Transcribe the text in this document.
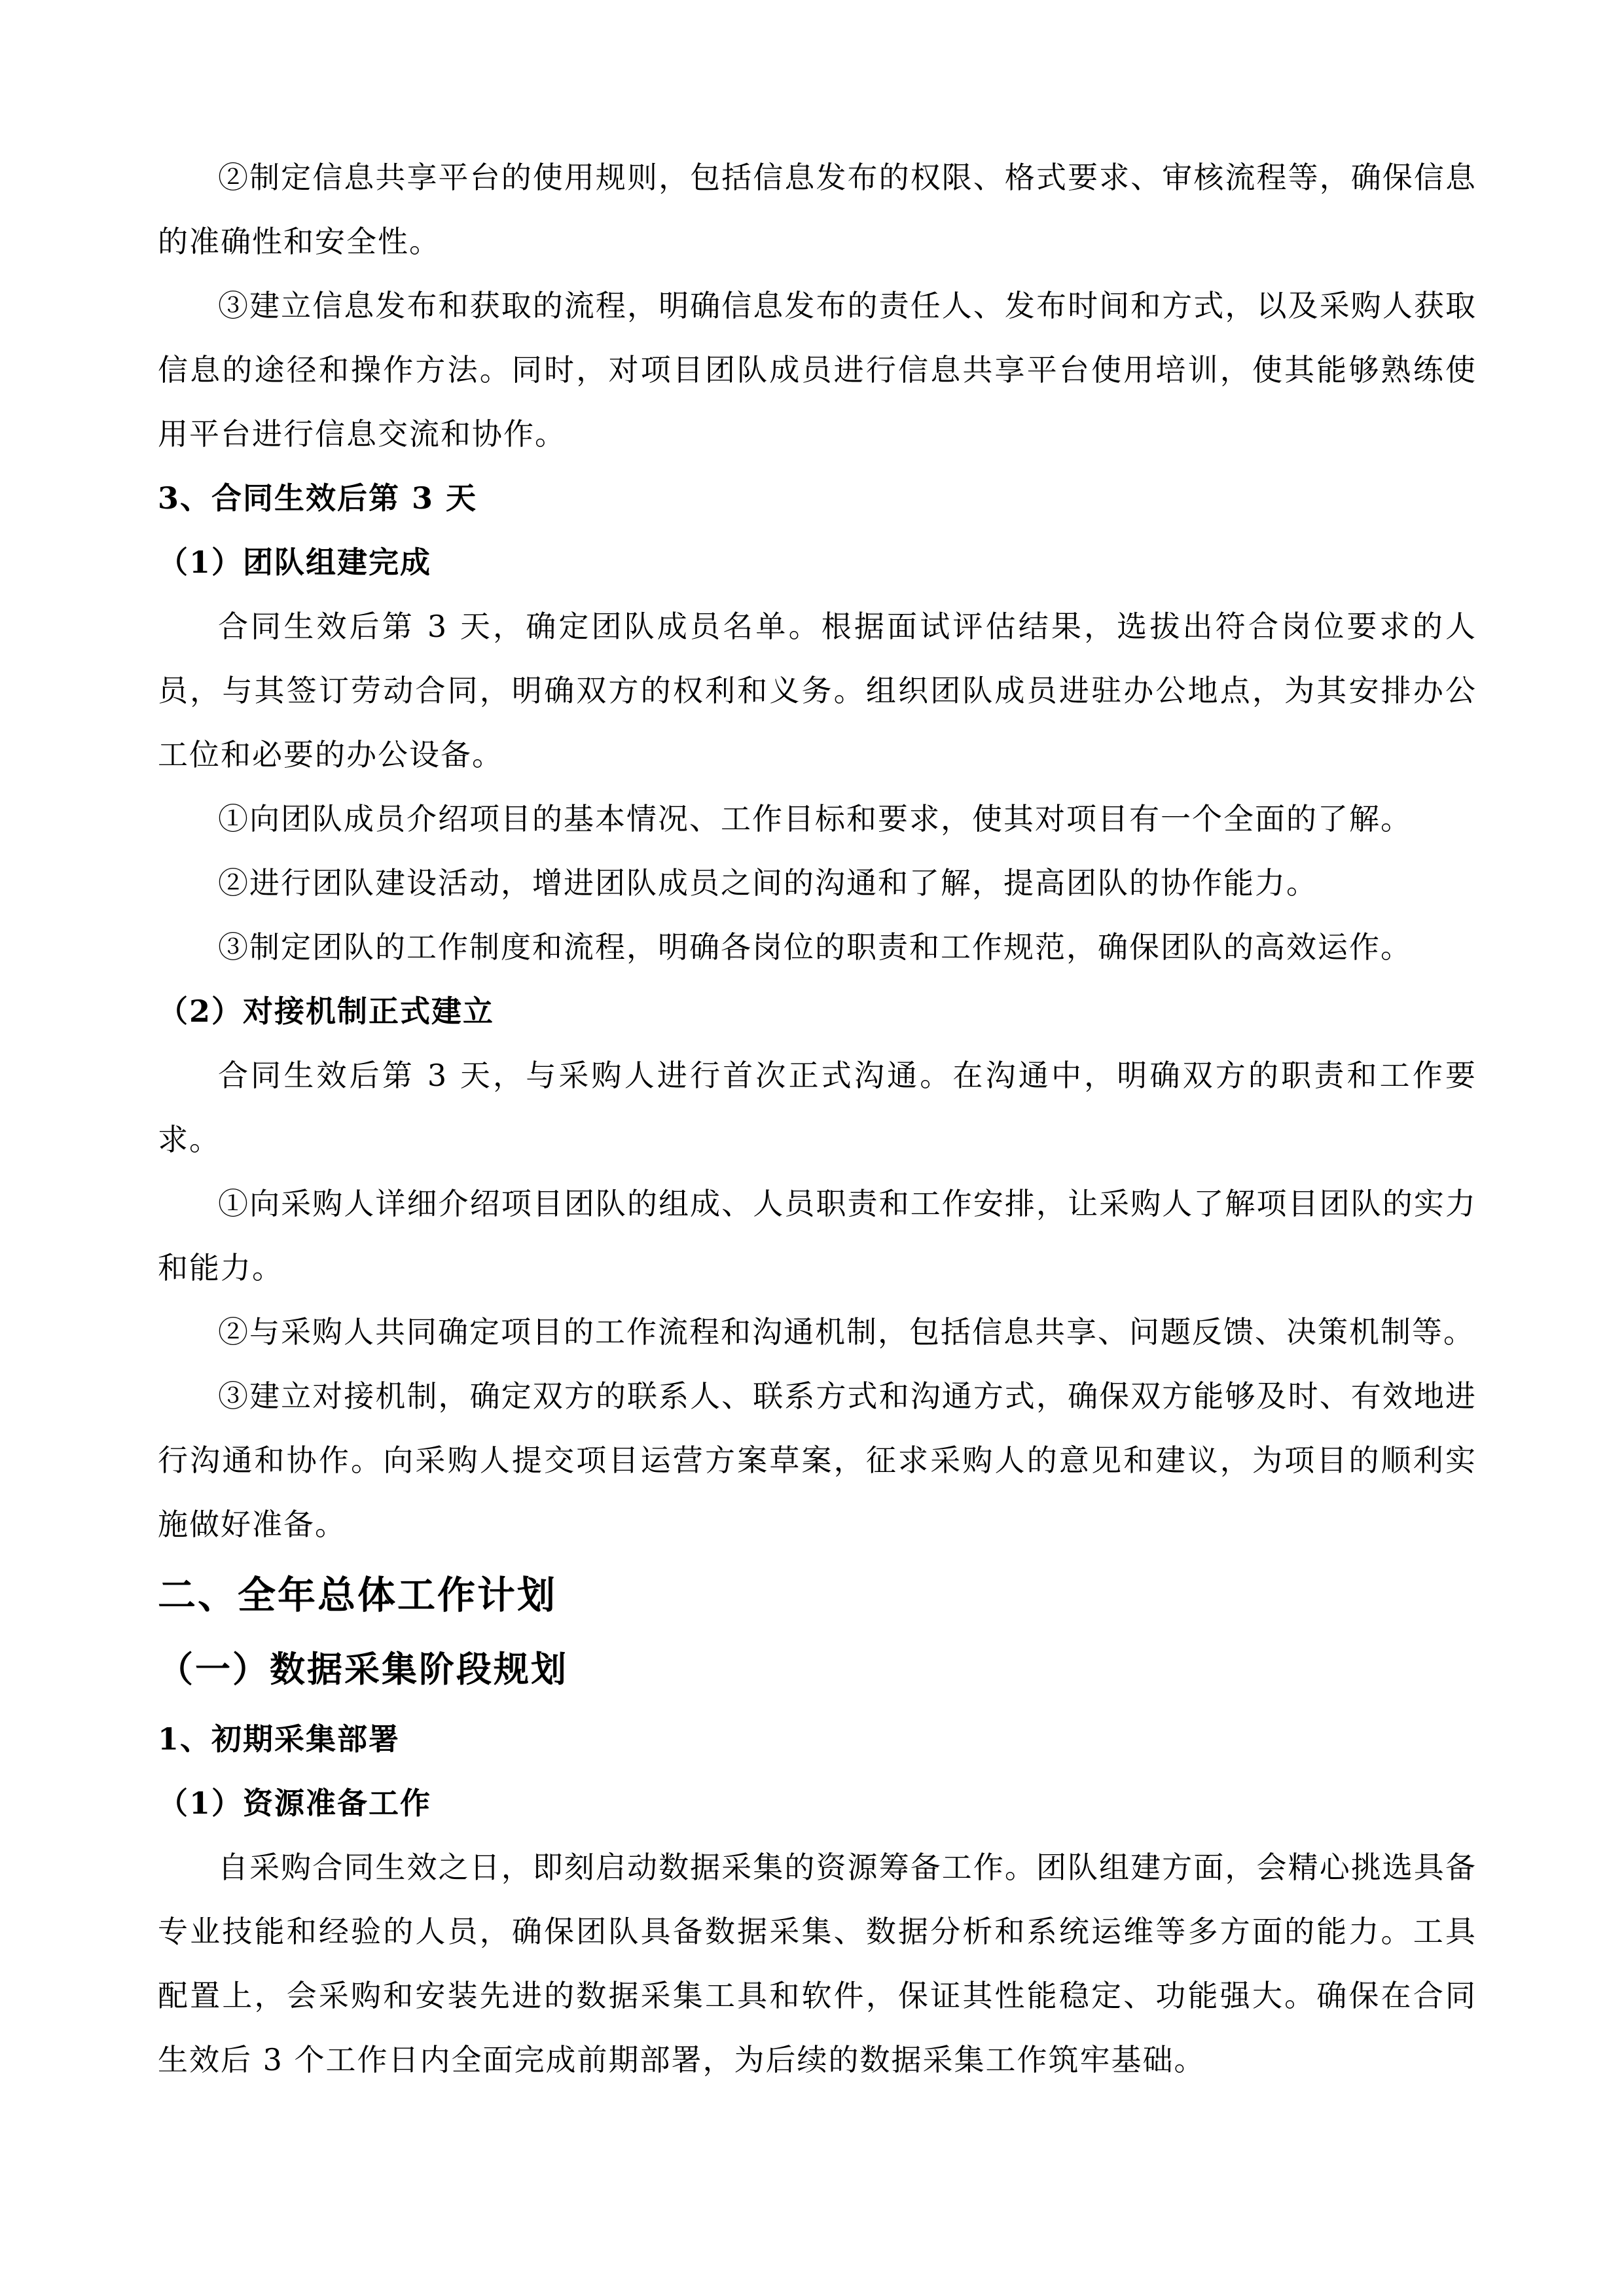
②制定信息共享平台的使用规则，包括信息发布的权限、格式要求、审核流程等，确保信息的准确性和安全性。

③建立信息发布和获取的流程，明确信息发布的责任人、发布时间和方式，以及采购人获取信息的途径和操作方法。同时，对项目团队成员进行信息共享平台使用培训，使其能够熟练使用平台进行信息交流和协作。

3、合同生效后第 3 天

（1）团队组建完成

合同生效后第 3 天，确定团队成员名单。根据面试评估结果，选拔出符合岗位要求的人员，与其签订劳动合同，明确双方的权利和义务。组织团队成员进驻办公地点，为其安排办公工位和必要的办公设备。

①向团队成员介绍项目的基本情况、工作目标和要求，使其对项目有一个全面的了解。

②进行团队建设活动，增进团队成员之间的沟通和了解，提高团队的协作能力。

③制定团队的工作制度和流程，明确各岗位的职责和工作规范，确保团队的高效运作。

（2）对接机制正式建立

合同生效后第 3 天，与采购人进行首次正式沟通。在沟通中，明确双方的职责和工作要求。

①向采购人详细介绍项目团队的组成、人员职责和工作安排，让采购人了解项目团队的实力和能力。

②与采购人共同确定项目的工作流程和沟通机制，包括信息共享、问题反馈、决策机制等。

③建立对接机制，确定双方的联系人、联系方式和沟通方式，确保双方能够及时、有效地进行沟通和协作。向采购人提交项目运营方案草案，征求采购人的意见和建议，为项目的顺利实施做好准备。

二、全年总体工作计划

（一）数据采集阶段规划

1、初期采集部署

（1）资源准备工作

自采购合同生效之日，即刻启动数据采集的资源筹备工作。团队组建方面，会精心挑选具备专业技能和经验的人员，确保团队具备数据采集、数据分析和系统运维等多方面的能力。工具配置上，会采购和安装先进的数据采集工具和软件，保证其性能稳定、功能强大。确保在合同生效后 3 个工作日内全面完成前期部署，为后续的数据采集工作筑牢基础。
